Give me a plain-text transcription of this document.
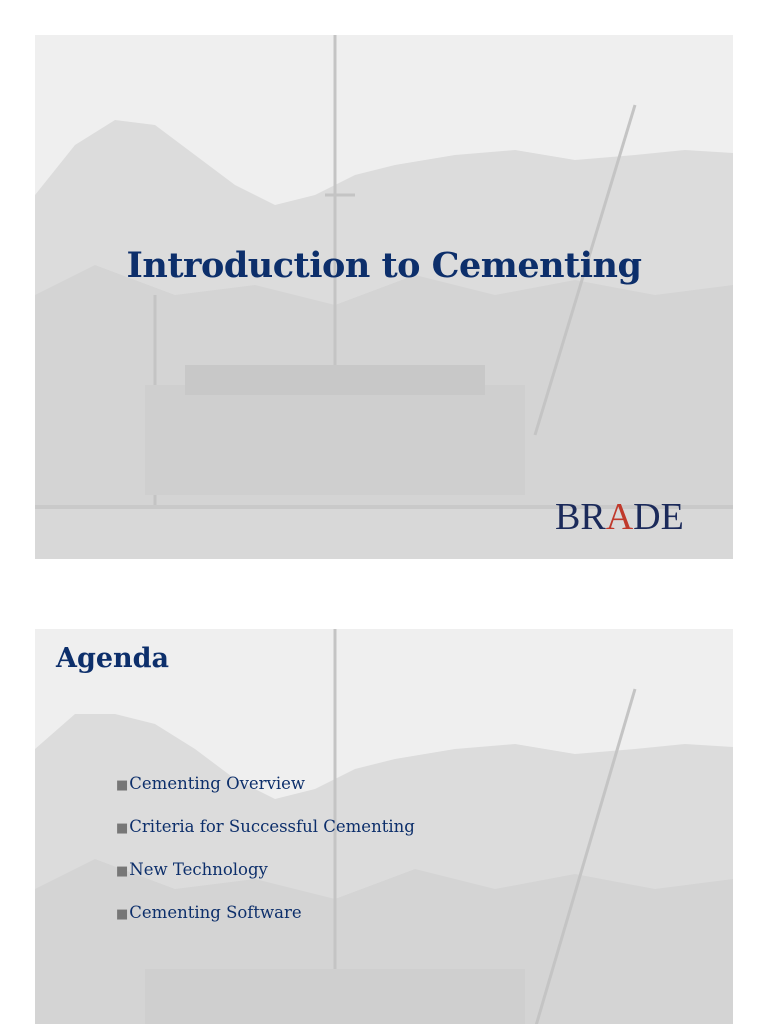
Introduction to Cementing
BRADE
Agenda
■Cementing Overview
■Criteria for Successful Cementing
■New Technology
■Cementing Software
